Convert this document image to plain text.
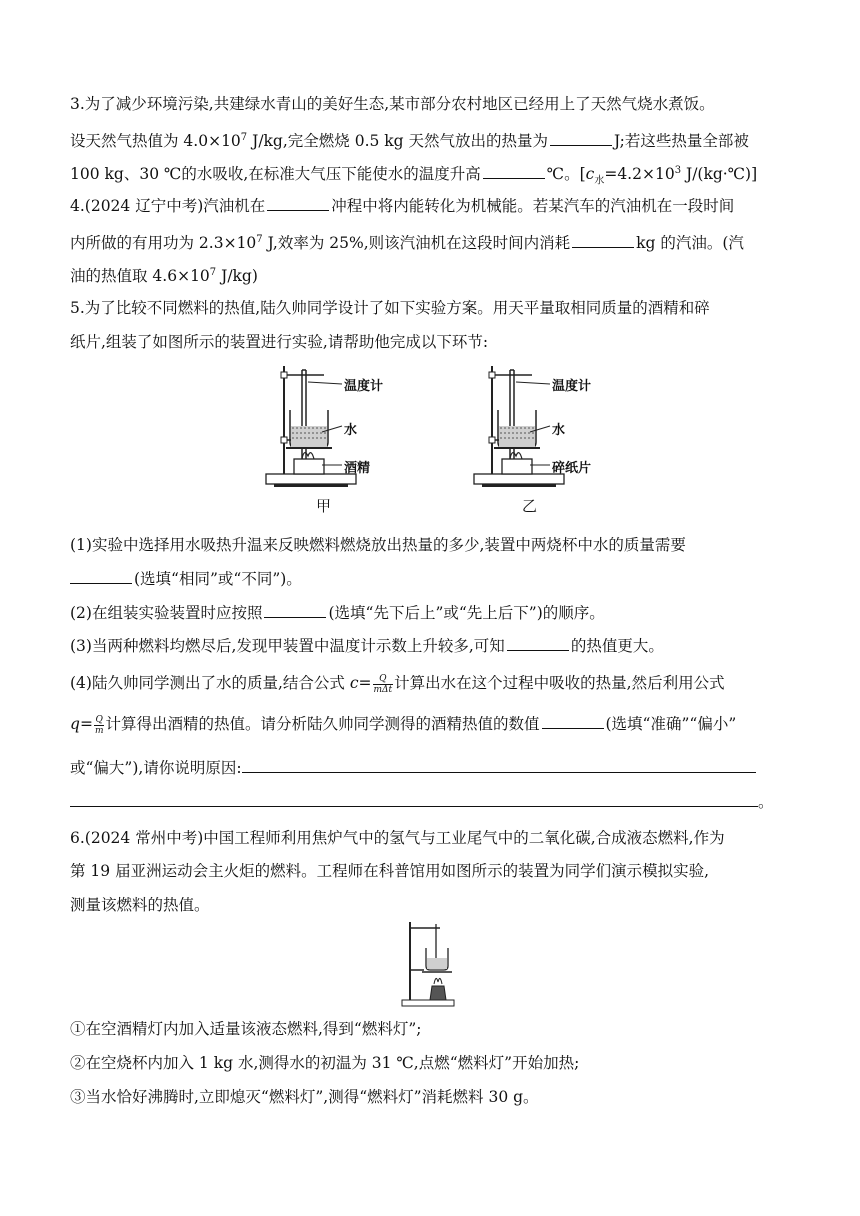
3.为了减少环境污染,共建绿水青山的美好生态,某市部分农村地区已经用上了天然气烧水煮饭。
设天然气热值为 $4.0\times 10^7$ J/kg,完全燃烧 0.5 kg 天然气放出的热量为	J;若这些热量全部被
100 kg、30 ℃的水吸收,在标准大气压下能使水的温度升高	℃。[$c_水=4.2\times 10^3$ J/(kg·℃)]
4.(2024 辽宁中考)汽油机在	冲程中将内能转化为机械能。若某汽车的汽油机在一段时间
内所做的有用功为 $2.3\times 10^7$ J,效率为 25%,则该汽油机在这段时间内消耗	kg 的汽油。(汽
油的热值取 $4.6\times 10^7$ J/kg)
5.为了比较不同燃料的热值,陆久帅同学设计了如下实验方案。用天平量取相同质量的酒精和碎
纸片,组装了如图所示的装置进行实验,请帮助他完成以下环节:
温度计
水
酒精
甲
温度计
水
碎纸片
乙
(1)实验中选择用水吸热升温来反映燃料燃烧放出热量的多少,装置中两烧杯中水的质量需要
(选填“相同”或“不同”)。
(2)在组装实验装置时应按照	(选填“先下后上”或“先上后下”)的顺序。
(3)当两种燃料均燃尽后,发现甲装置中温度计示数上升较多,可知	的热值更大。
(4)陆久帅同学测出了水的质量,结合公式 $c= \frac{Q}{\text{mΔt}}$ 计算出水在这个过程中吸收的热量,然后利用公式
$q= \frac{Q}{m}$ 计算得出酒精的热值。请分析陆久帅同学测得的酒精热值的数值	(选填“准确”“偏小”
或“偏大”),请你说明原因:
。
6.(2024 常州中考)中国工程师利用焦炉气中的氢气与工业尾气中的二氧化碳,合成液态燃料,作为
第 19 届亚洲运动会主火炬的燃料。工程师在科普馆用如图所示的装置为同学们演示模拟实验,
测量该燃料的热值。
①在空酒精灯内加入适量该液态燃料,得到“燃料灯”;
②在空烧杯内加入 1 kg 水,测得水的初温为 31 ℃,点燃“燃料灯”开始加热;
③当水恰好沸腾时,立即熄灭“燃料灯”,测得“燃料灯”消耗燃料 30 g。
